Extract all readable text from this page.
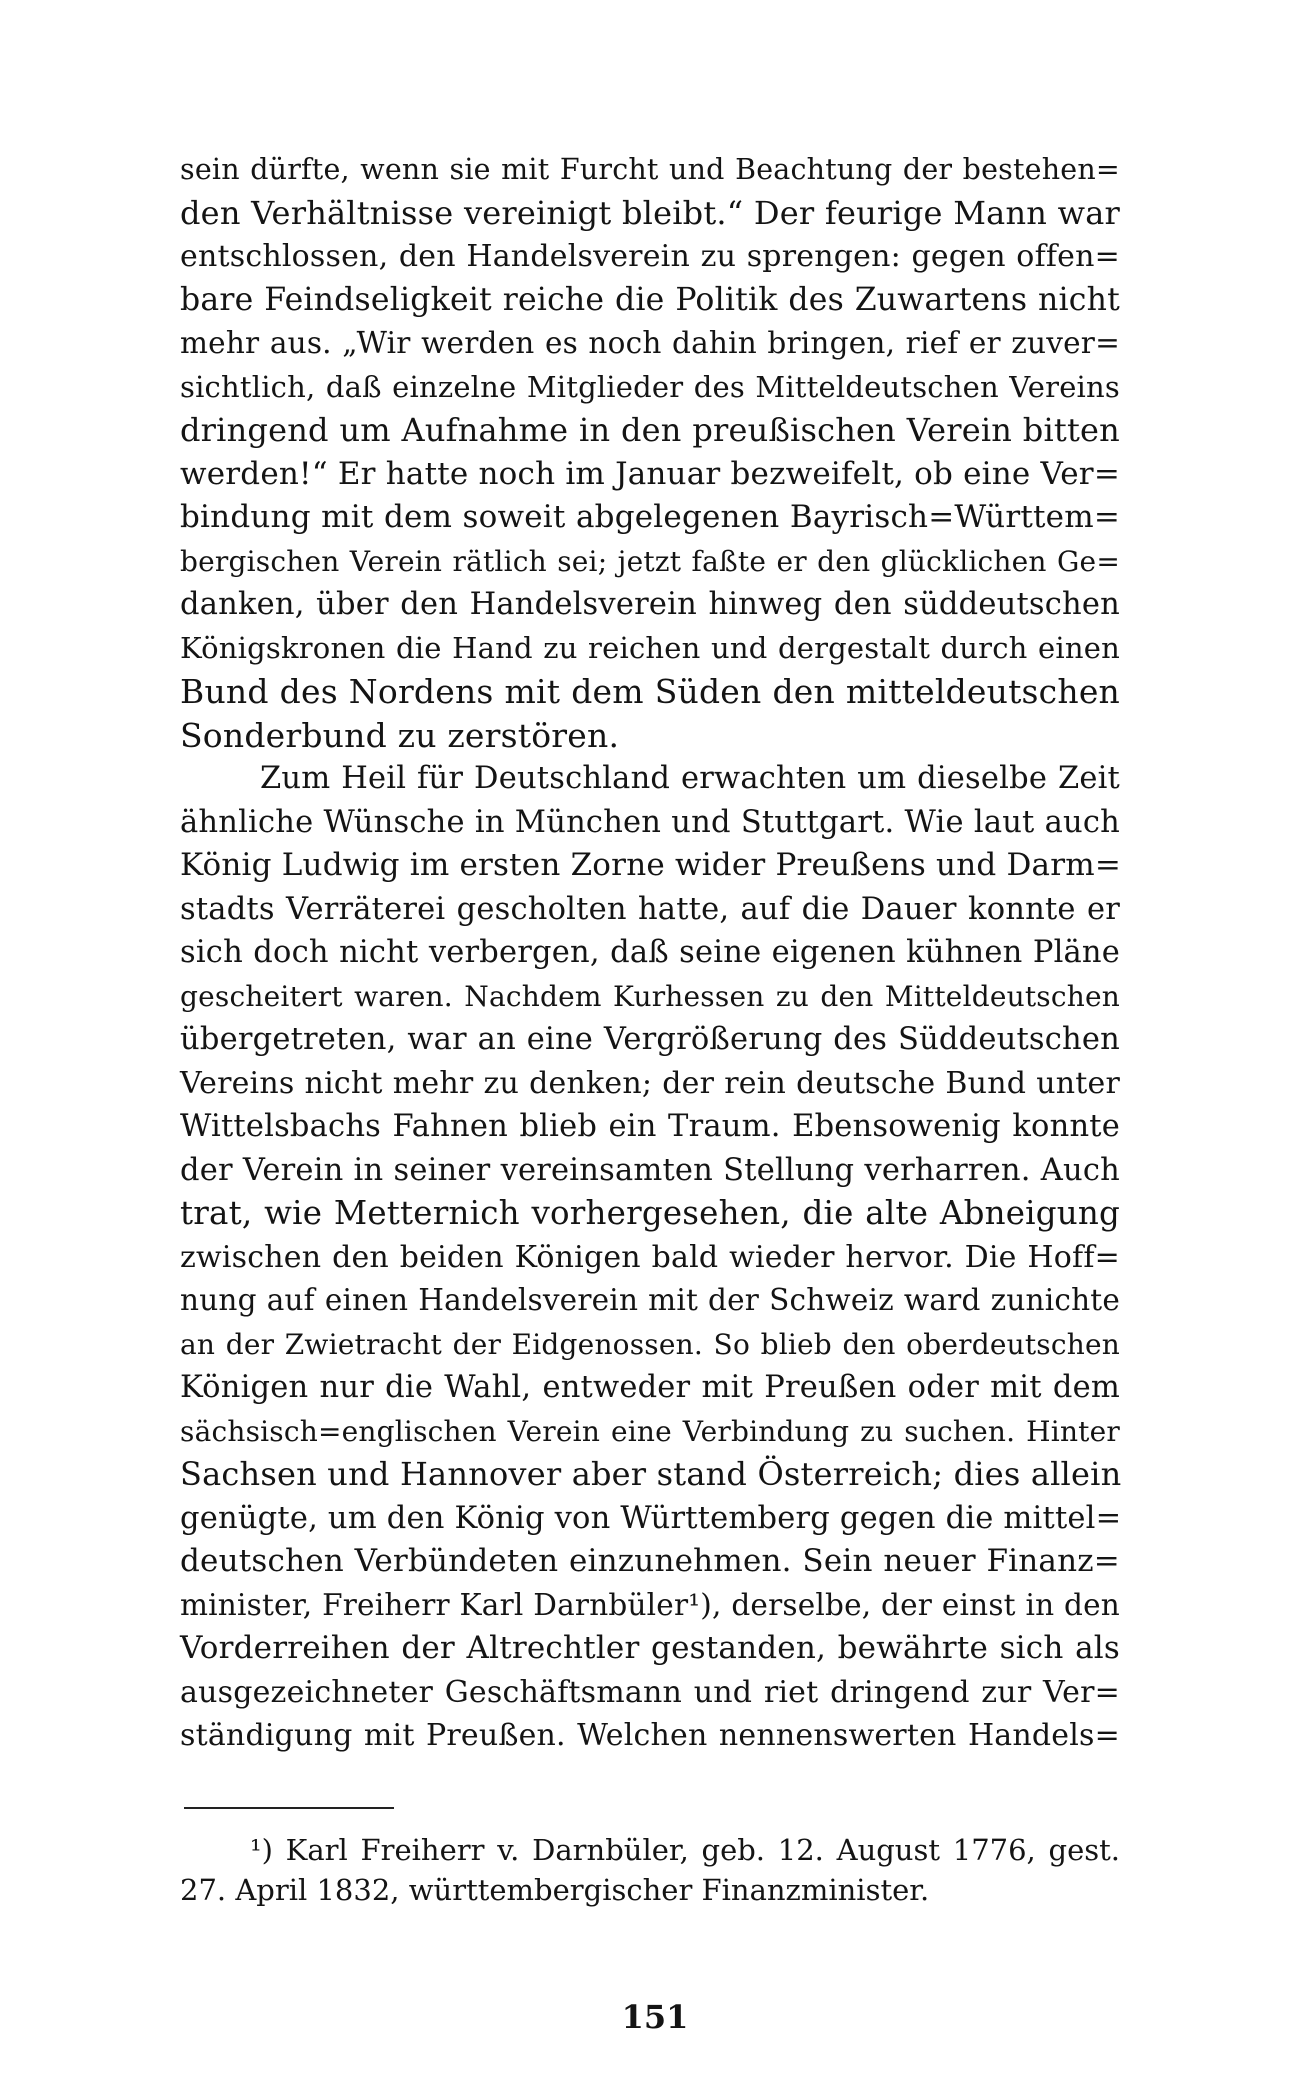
sein dürfte, wenn sie mit Furcht und Beachtung der bestehen=
den Verhältnisse vereinigt bleibt.“ Der feurige Mann war
entschlossen, den Handelsverein zu sprengen: gegen offen=
bare Feindseligkeit reiche die Politik des Zuwartens nicht
mehr aus. „Wir werden es noch dahin bringen, rief er zuver=
sichtlich, daß einzelne Mitglieder des Mitteldeutschen Vereins
dringend um Aufnahme in den preußischen Verein bitten
werden!“ Er hatte noch im Januar bezweifelt, ob eine Ver=
bindung mit dem soweit abgelegenen Bayrisch=Württem=
bergischen Verein rätlich sei; jetzt faßte er den glücklichen Ge=
danken, über den Handelsverein hinweg den süddeutschen
Königskronen die Hand zu reichen und dergestalt durch einen
Bund des Nordens mit dem Süden den mitteldeutschen
Sonderbund zu zerstören.
Zum Heil für Deutschland erwachten um dieselbe Zeit
ähnliche Wünsche in München und Stuttgart. Wie laut auch
König Ludwig im ersten Zorne wider Preußens und Darm=
stadts Verräterei gescholten hatte, auf die Dauer konnte er
sich doch nicht verbergen, daß seine eigenen kühnen Pläne
gescheitert waren. Nachdem Kurhessen zu den Mitteldeutschen
übergetreten, war an eine Vergrößerung des Süddeutschen
Vereins nicht mehr zu denken; der rein deutsche Bund unter
Wittelsbachs Fahnen blieb ein Traum. Ebensowenig konnte
der Verein in seiner vereinsamten Stellung verharren. Auch
trat, wie Metternich vorhergesehen, die alte Abneigung
zwischen den beiden Königen bald wieder hervor. Die Hoff=
nung auf einen Handelsverein mit der Schweiz ward zunichte
an der Zwietracht der Eidgenossen. So blieb den oberdeutschen
Königen nur die Wahl, entweder mit Preußen oder mit dem
sächsisch=englischen Verein eine Verbindung zu suchen. Hinter
Sachsen und Hannover aber stand Österreich; dies allein
genügte, um den König von Württemberg gegen die mittel=
deutschen Verbündeten einzunehmen. Sein neuer Finanz=
minister, Freiherr Karl Darnbüler¹), derselbe, der einst in den
Vorderreihen der Altrechtler gestanden, bewährte sich als
ausgezeichneter Geschäftsmann und riet dringend zur Ver=
ständigung mit Preußen. Welchen nennenswerten Handels=
¹) Karl Freiherr v. Darnbüler, geb. 12. August 1776, gest.
27. April 1832, württembergischer Finanzminister.
151
